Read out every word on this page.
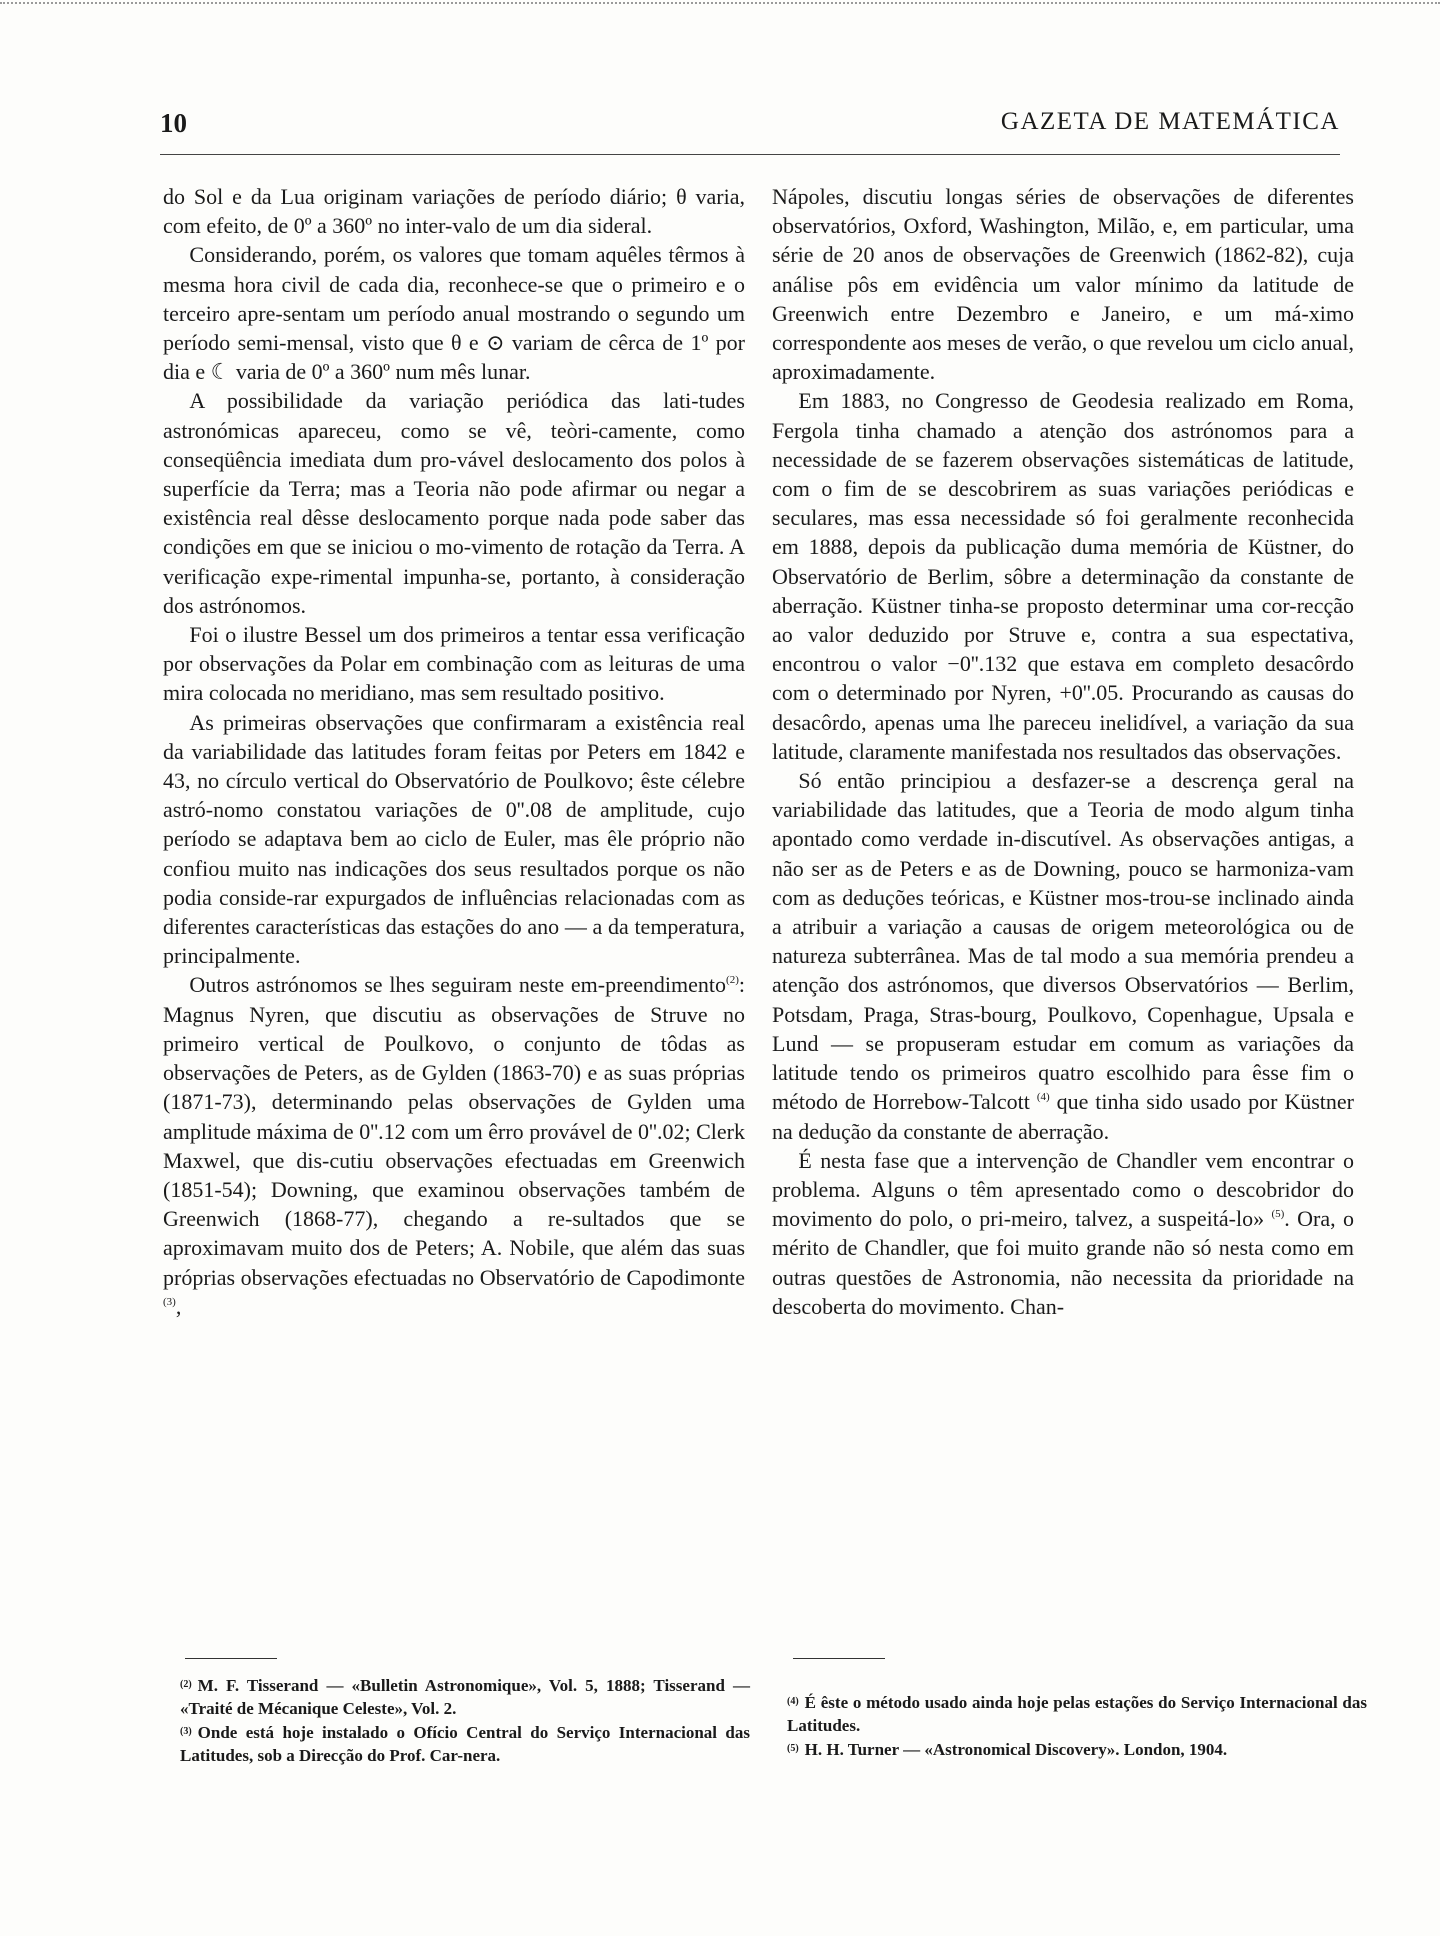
10	GAZETA DE MATEMÁTICA

do Sol e da Lua originam variações de período diário; θ varia, com efeito, de 0º a 360º no inter-valo de um dia sideral.

Considerando, porém, os valores que tomam aquêles têrmos à mesma hora civil de cada dia, reconhece-se que o primeiro e o terceiro apre-sentam um período anual mostrando o segundo um período semi-mensal, visto que θ e ⊙ variam de cêrca de 1º por dia e ☾ varia de 0º a 360º num mês lunar.

A possibilidade da variação periódica das lati-tudes astronómicas apareceu, como se vê, teòri-camente, como conseqüência imediata dum pro-vável deslocamento dos polos à superfície da Terra; mas a Teoria não pode afirmar ou negar a existência real dêsse deslocamento porque nada pode saber das condições em que se iniciou o mo-vimento de rotação da Terra. A verificação expe-rimental impunha-se, portanto, à consideração dos astrónomos.

Foi o ilustre Bessel um dos primeiros a tentar essa verificação por observações da Polar em combinação com as leituras de uma mira colocada no meridiano, mas sem resultado positivo.

As primeiras observações que confirmaram a existência real da variabilidade das latitudes foram feitas por Peters em 1842 e 43, no círculo vertical do Observatório de Poulkovo; êste célebre astró-nomo constatou variações de 0''.08 de amplitude, cujo período se adaptava bem ao ciclo de Euler, mas êle próprio não confiou muito nas indicações dos seus resultados porque os não podia conside-rar expurgados de influências relacionadas com as diferentes características das estações do ano — a da temperatura, principalmente.

Outros astrónomos se lhes seguiram neste em-preendimento$^{(2)}$: Magnus Nyren, que discutiu as observações de Struve no primeiro vertical de Poulkovo, o conjunto de tôdas as observações de Peters, as de Gylden (1863-70) e as suas próprias (1871-73), determinando pelas observações de Gylden uma amplitude máxima de 0''.12 com um êrro provável de 0''.02; Clerk Maxwel, que dis-cutiu observações efectuadas em Greenwich (1851-54); Downing, que examinou observações também de Greenwich (1868-77), chegando a re-sultados que se aproximavam muito dos de Peters; A. Nobile, que além das suas próprias observações efectuadas no Observatório de Capodimonte $^{(3)}$,

Nápoles, discutiu longas séries de observações de diferentes observatórios, Oxford, Washington, Milão, e, em particular, uma série de 20 anos de observações de Greenwich (1862-82), cuja análise pôs em evidência um valor mínimo da latitude de Greenwich entre Dezembro e Janeiro, e um má-ximo correspondente aos meses de verão, o que revelou um ciclo anual, aproximadamente.

Em 1883, no Congresso de Geodesia realizado em Roma, Fergola tinha chamado a atenção dos astrónomos para a necessidade de se fazerem observações sistemáticas de latitude, com o fim de se descobrirem as suas variações periódicas e seculares, mas essa necessidade só foi geralmente reconhecida em 1888, depois da publicação duma memória de Küstner, do Observatório de Berlim, sôbre a determinação da constante de aberração. Küstner tinha-se proposto determinar uma cor-recção ao valor deduzido por Struve e, contra a sua espectativa, encontrou o valor −0''.132 que estava em completo desacôrdo com o determinado por Nyren, +0''.05. Procurando as causas do desacôrdo, apenas uma lhe pareceu inelidível, a variação da sua latitude, claramente manifestada nos resultados das observações.

Só então principiou a desfazer-se a descrença geral na variabilidade das latitudes, que a Teoria de modo algum tinha apontado como verdade in-discutível. As observações antigas, a não ser as de Peters e as de Downing, pouco se harmoniza-vam com as deduções teóricas, e Küstner mos-trou-se inclinado ainda a atribuir a variação a causas de origem meteorológica ou de natureza subterrânea. Mas de tal modo a sua memória prendeu a atenção dos astrónomos, que diversos Observatórios — Berlim, Potsdam, Praga, Stras-bourg, Poulkovo, Copenhague, Upsala e Lund — se propuseram estudar em comum as variações da latitude tendo os primeiros quatro escolhido para êsse fim o método de Horrebow-Talcott $^{(4)}$ que tinha sido usado por Küstner na dedução da constante de aberração.

É nesta fase que a intervenção de Chandler vem encontrar o problema. Alguns o têm apresentado como o descobridor do movimento do polo, o pri-meiro, talvez, a suspeitá-lo» $^{(5)}$. Ora, o mérito de Chandler, que foi muito grande não só nesta como em outras questões de Astronomia, não necessita da prioridade na descoberta do movimento. Chan-

$^{(2)}$ M. F. Tisserand — «Bulletin Astronomique», Vol. 5, 1888; Tisserand — «Traité de Mécanique Celeste», Vol. 2.

$^{(3)}$ Onde está hoje instalado o Ofício Central do Serviço Internacional das Latitudes, sob a Direcção do Prof. Car-nera.

$^{(4)}$ É êste o método usado ainda hoje pelas estações do Serviço Internacional das Latitudes.

$^{(5)}$ H. H. Turner — «Astronomical Discovery». London, 1904.
